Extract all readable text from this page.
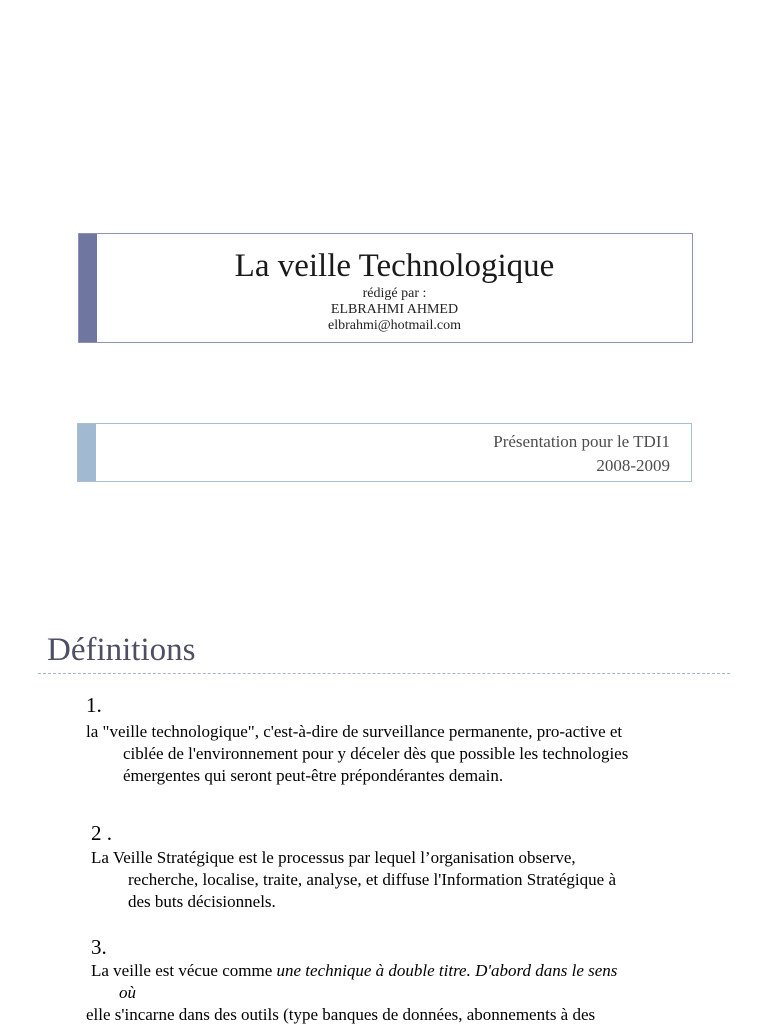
La veille Technologique
rédigé par :
ELBRAHMI AHMED
elbrahmi@hotmail.com
Présentation pour le TDI1
2008-2009
Définitions
1.
la "veille technologique", c'est-à-dire de surveillance permanente, pro-active et
ciblée de l'environnement pour y déceler dès que possible les technologies
émergentes qui seront peut-être prépondérantes demain.
2 .
La Veille Stratégique est le processus par lequel l’organisation observe,
recherche, localise, traite, analyse, et diffuse l'Information Stratégique à
des buts décisionnels.
3.
La veille est vécue comme une technique à double titre. D'abord dans le sens
où
elle s'incarne dans des outils (type banques de données, abonnements à des
